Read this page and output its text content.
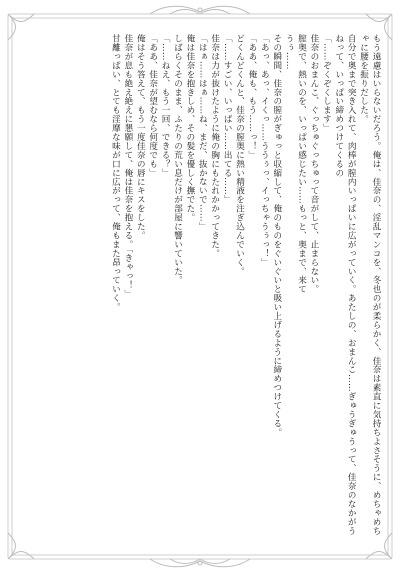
もう遠慮はいらないだろう。俺は、佳奈の、淫乱マンコを、冬也のが柔らかく、佳奈は素直に気持ちよさそうに、めちゃめちゃに腰を振りだした。

自分で奥まで突き入れて、肉棒が膣内いっぱいに広がっていく。あたしの、おまんこ……ぎゅうぎゅうって、佳奈のなかがうねって、いっぱい締めつけてくるの

「……ぞくぞくします」

佳奈のおまんこ、ぐっちゅぐっちゅって音がして、止まらない。

膣奥で、熱いのを、いっぱい感じたい……もっと、奥まで、来て

うぅ……

その瞬間、佳奈の膣がぎゅっと収縮して、俺のものをぐいぐいと吸い上げるように締めつけてくる。

「あっ、あっ、イくっ……ううぅっ、イっちゃうぅっ！」

「ああ、俺も、もう……っ！」

どくんどくんと、佳奈の膣奥に熱い精液を注ぎ込んでいく。

「……すごい、いっぱい……出てる……」

佳奈は力が抜けたように俺の胸にもたれかかってきた。

「はぁ……はぁ……ね、まだ、抜かないで……」

俺は佳奈を抱きしめ、その髪を優しく撫でた。

しばらくそのまま、ふたりの荒い息だけが部屋に響いていた。

「……ねえ、もう一回、できる？」

「ああ、佳奈が望むなら何度でも」

俺はそう答えて、もう一度佳奈の唇にキスをした。

佳奈が息も絶え絶えに懇願して、俺は佳奈を抱える。「きゃっ！」

甘離っぱい、とても淫靡な味が口に広がって、俺もまた昂っていく。
